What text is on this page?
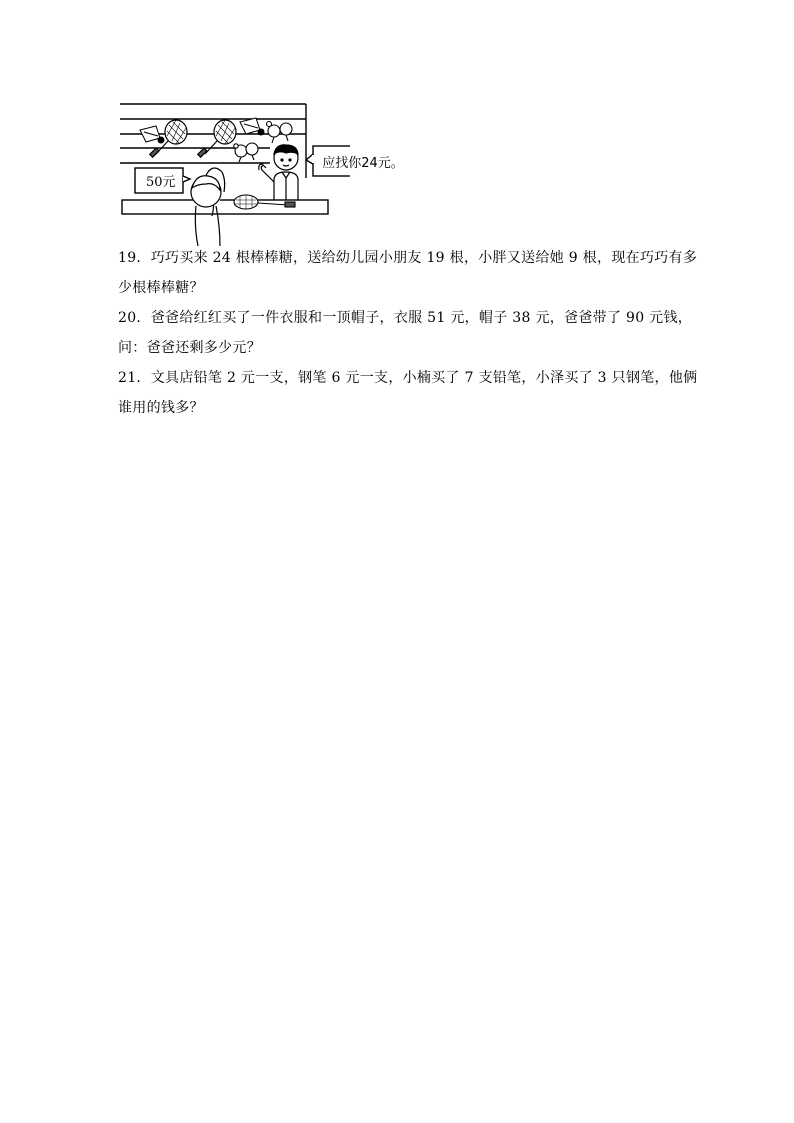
50元
应找你24元。

19．巧巧买来 24 根棒棒糖，送给幼儿园小朋友 19 根，小胖又送给她 9 根，现在巧巧有多少根棒棒糖？

20．爸爸给红红买了一件衣服和一顶帽子，衣服 51 元，帽子 38 元，爸爸带了 90 元钱，问：爸爸还剩多少元？

21．文具店铅笔 2 元一支，钢笔 6 元一支，小楠买了 7 支铅笔，小泽买了 3 只钢笔，他俩谁用的钱多？
